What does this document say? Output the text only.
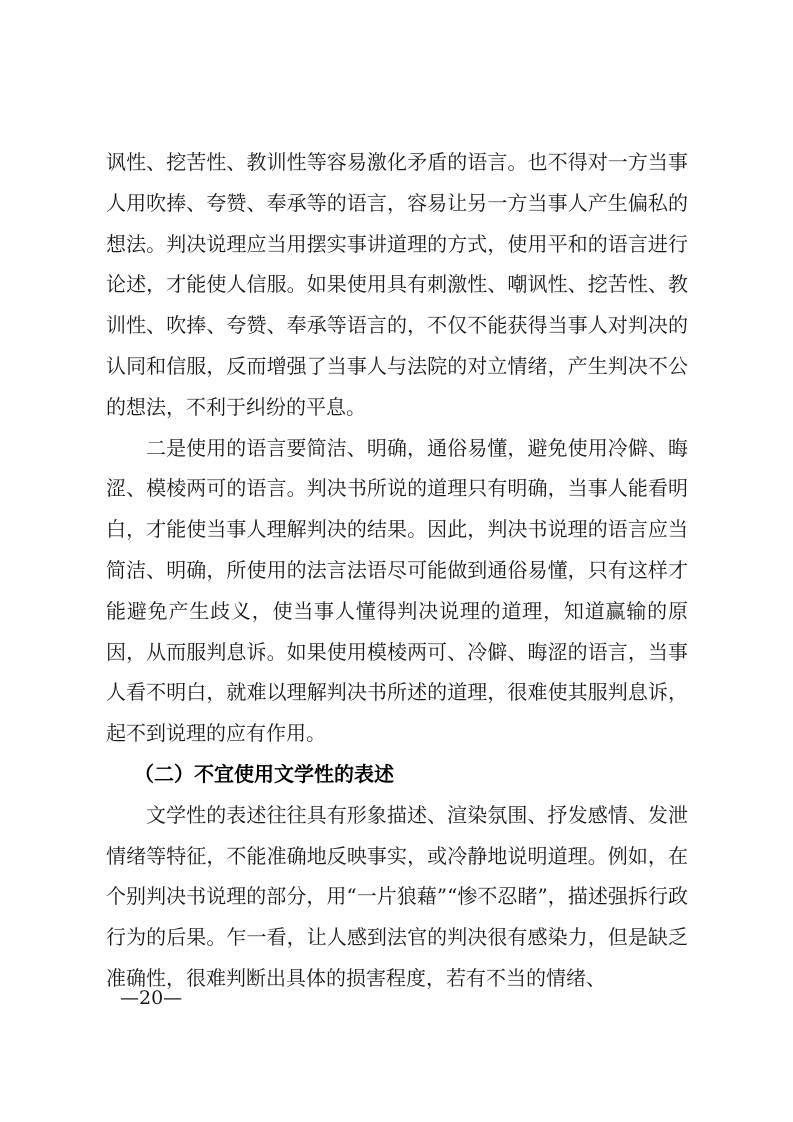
讽性、挖苦性、教训性等容易激化矛盾的语言。也不得对一方当事人用吹捧、夸赞、奉承等的语言，容易让另一方当事人产生偏私的想法。判决说理应当用摆实事讲道理的方式，使用平和的语言进行论述，才能使人信服。如果使用具有刺激性、嘲讽性、挖苦性、教训性、吹捧、夸赞、奉承等语言的，不仅不能获得当事人对判决的认同和信服，反而增强了当事人与法院的对立情绪，产生判决不公的想法，不利于纠纷的平息。

二是使用的语言要简洁、明确，通俗易懂，避免使用冷僻、晦涩、模棱两可的语言。判决书所说的道理只有明确，当事人能看明白，才能使当事人理解判决的结果。因此，判决书说理的语言应当简洁、明确，所使用的法言法语尽可能做到通俗易懂，只有这样才能避免产生歧义，使当事人懂得判决说理的道理，知道赢输的原因，从而服判息诉。如果使用模棱两可、冷僻、晦涩的语言，当事人看不明白，就难以理解判决书所述的道理，很难使其服判息诉，起不到说理的应有作用。

（二）不宜使用文学性的表述

文学性的表述往往具有形象描述、渲染氛围、抒发感情、发泄情绪等特征，不能准确地反映事实，或冷静地说明道理。例如，在个别判决书说理的部分，用“一片狼藉”“惨不忍睹”，描述强拆行政行为的后果。乍一看，让人感到法官的判决很有感染力，但是缺乏准确性，很难判断出具体的损害程度，若有不当的情绪、

—20—
